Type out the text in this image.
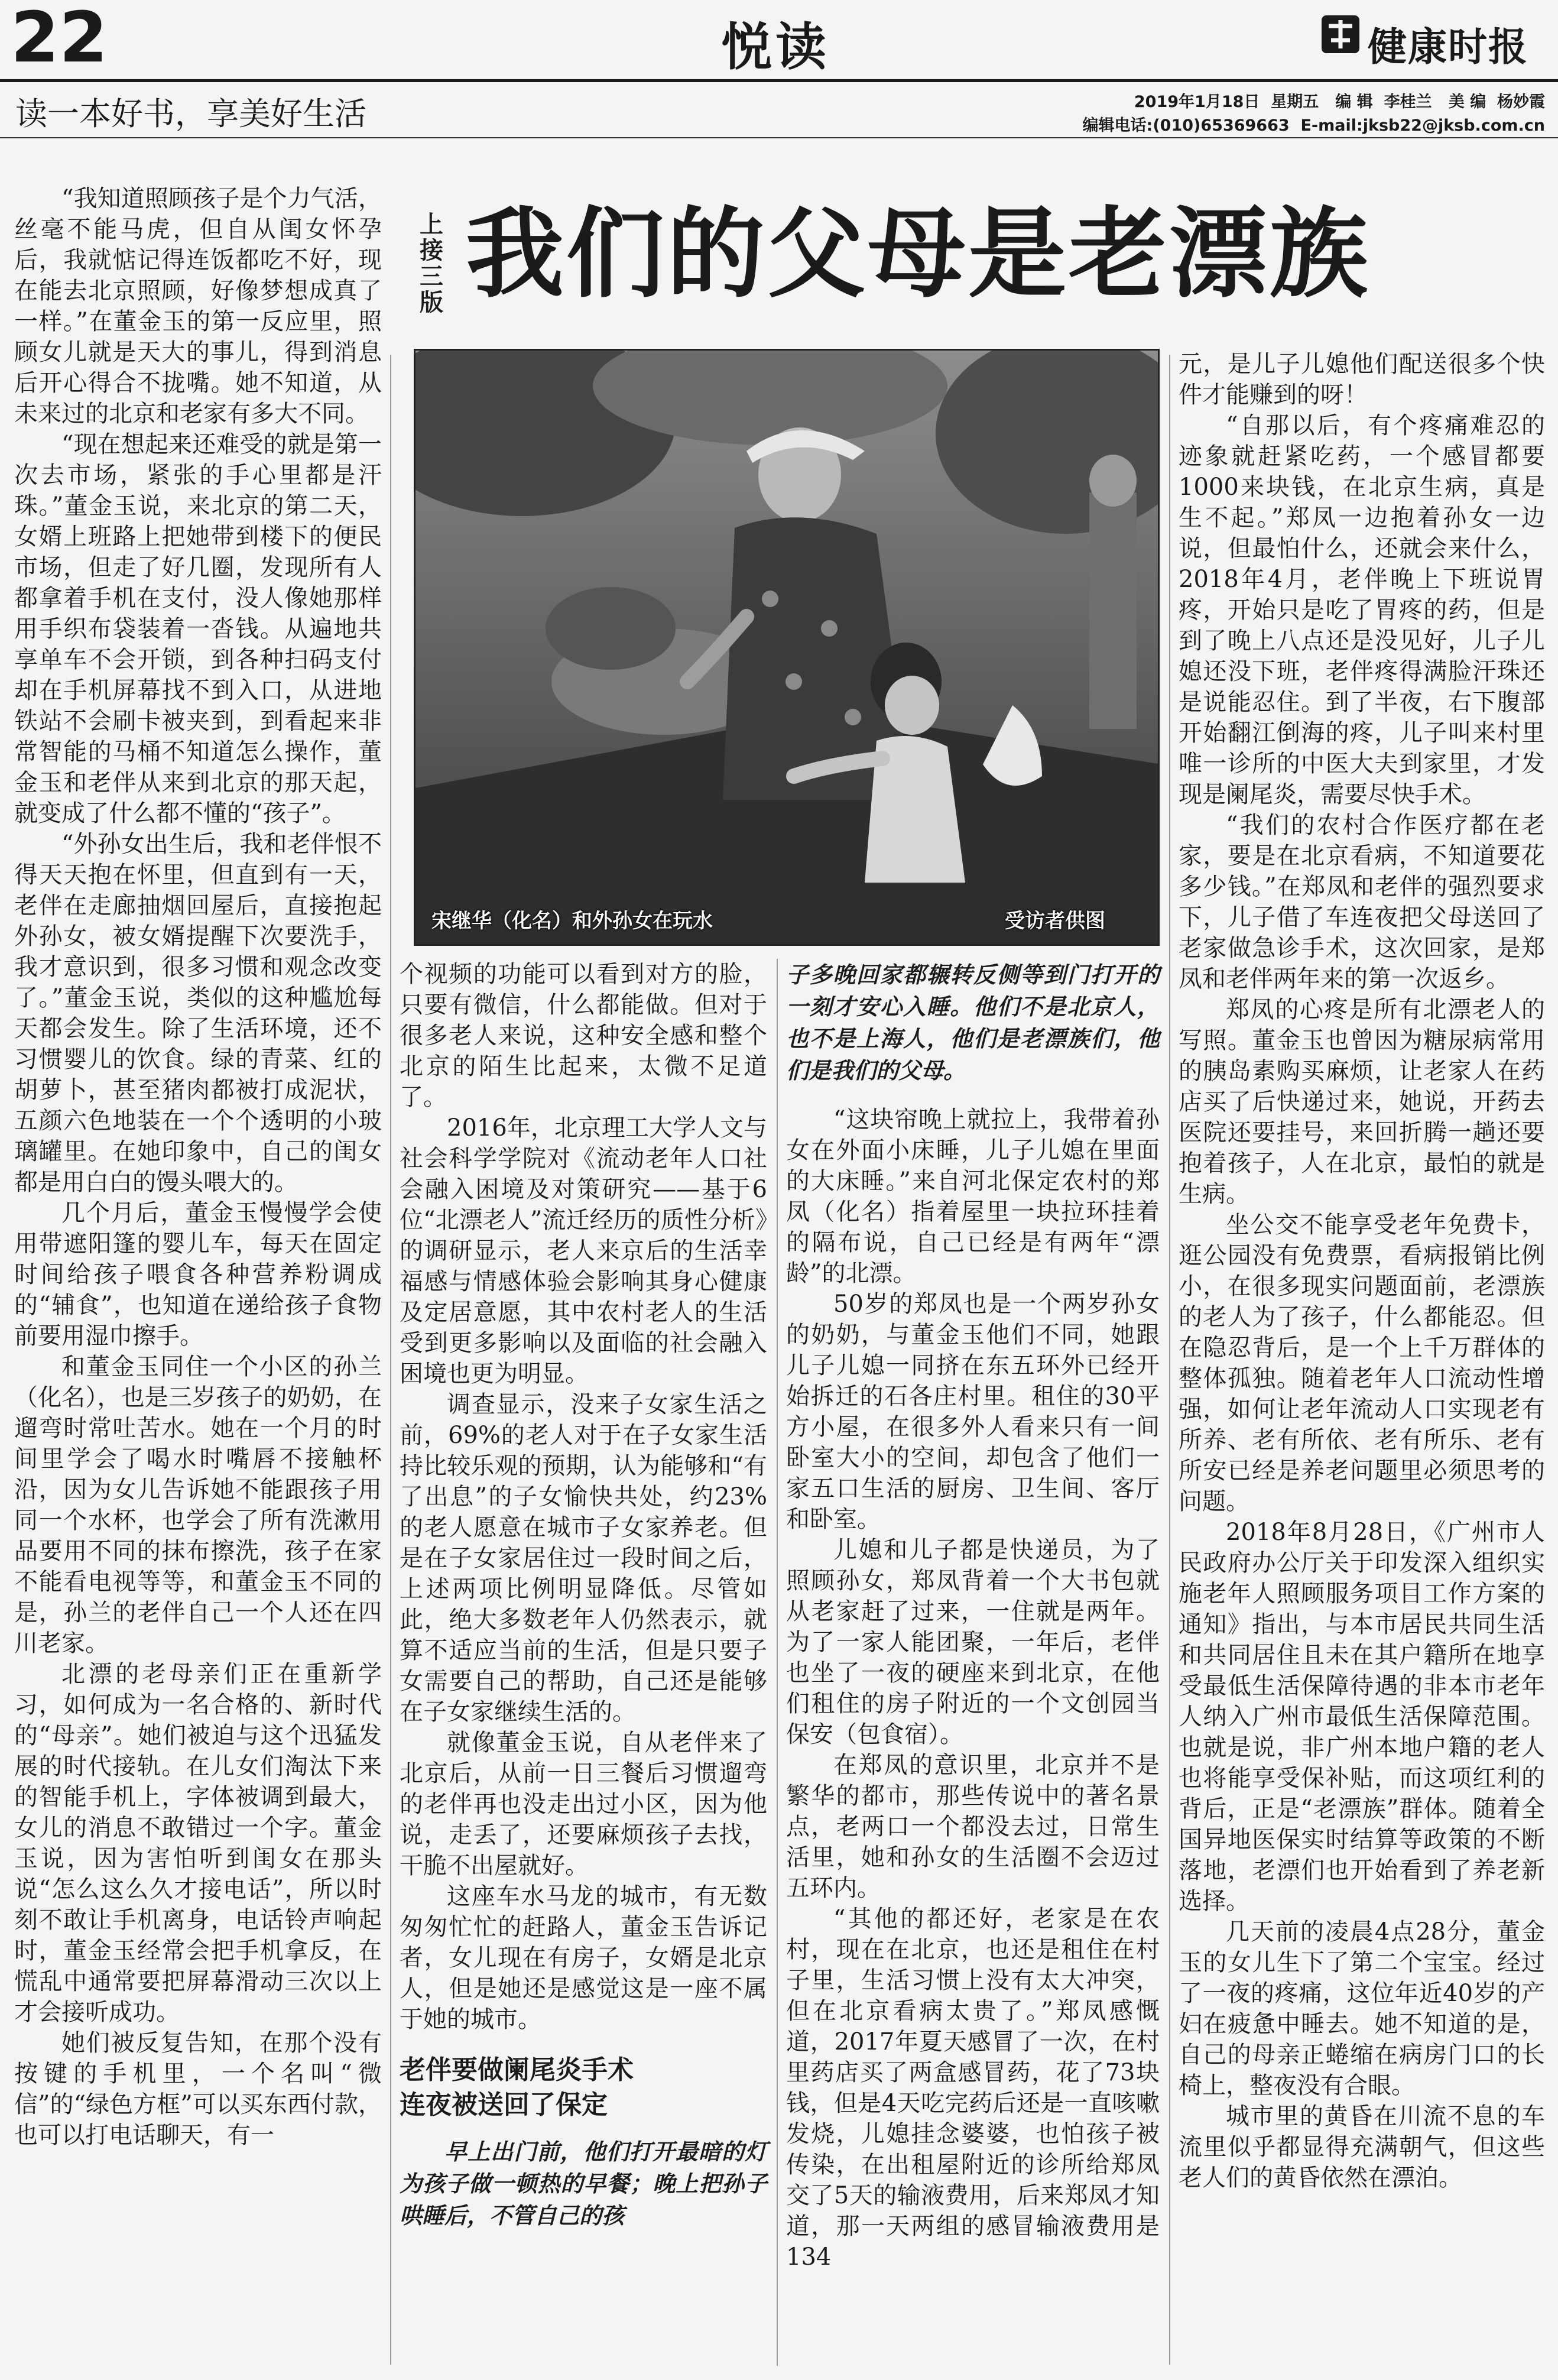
22	悦读	健康时报
读一本好书，享美好生活	2019年1月18日  星期五   编 辑  李桂兰   美 编  杨妙霞
编辑电话:(010)65369663  E-mail:jksb22@jksb.com.cn
上接三版 我们的父母是老漂族

“我知道照顾孩子是个力气活，丝毫不能马虎，但自从闺女怀孕后，我就惦记得连饭都吃不好，现在能去北京照顾，好像梦想成真了一样。”在董金玉的第一反应里，照顾女儿就是天大的事儿，得到消息后开心得合不拢嘴。她不知道，从未来过的北京和老家有多大不同。

“现在想起来还难受的就是第一次去市场，紧张的手心里都是汗珠。”董金玉说，来北京的第二天，女婿上班路上把她带到楼下的便民市场，但走了好几圈，发现所有人都拿着手机在支付，没人像她那样用手织布袋装着一沓钱。从遍地共享单车不会开锁，到各种扫码支付却在手机屏幕找不到入口，从进地铁站不会刷卡被夹到，到看起来非常智能的马桶不知道怎么操作，董金玉和老伴从来到北京的那天起，就变成了什么都不懂的“孩子”。

“外孙女出生后，我和老伴恨不得天天抱在怀里，但直到有一天，老伴在走廊抽烟回屋后，直接抱起外孙女，被女婿提醒下次要洗手，我才意识到，很多习惯和观念改变了。”董金玉说，类似的这种尴尬每天都会发生。除了生活环境，还不习惯婴儿的饮食。绿的青菜、红的胡萝卜，甚至猪肉都被打成泥状，五颜六色地装在一个个透明的小玻璃罐里。在她印象中，自己的闺女都是用白白的馒头喂大的。

几个月后，董金玉慢慢学会使用带遮阳篷的婴儿车，每天在固定时间给孩子喂食各种营养粉调成的“辅食”，也知道在递给孩子食物前要用湿巾擦手。

和董金玉同住一个小区的孙兰（化名），也是三岁孩子的奶奶，在遛弯时常吐苦水。她在一个月的时间里学会了喝水时嘴唇不接触杯沿，因为女儿告诉她不能跟孩子用同一个水杯，也学会了所有洗漱用品要用不同的抹布擦洗，孩子在家不能看电视等等，和董金玉不同的是，孙兰的老伴自己一个人还在四川老家。

北漂的老母亲们正在重新学习，如何成为一名合格的、新时代的“母亲”。她们被迫与这个迅猛发展的时代接轨。在儿女们淘汰下来的智能手机上，字体被调到最大，女儿的消息不敢错过一个字。董金玉说，因为害怕听到闺女在那头说“怎么这么久才接电话”，所以时刻不敢让手机离身，电话铃声响起时，董金玉经常会把手机拿反，在慌乱中通常要把屏幕滑动三次以上才会接听成功。

她们被反复告知，在那个没有按键的手机里，一个名叫“微信”的“绿色方框”可以买东西付款，也可以打电话聊天，有一

宋继华（化名）和外孙女在玩水	受访者供图

个视频的功能可以看到对方的脸，只要有微信，什么都能做。但对于很多老人来说，这种安全感和整个北京的陌生比起来，太微不足道了。

2016年，北京理工大学人文与社会科学学院对《流动老年人口社会融入困境及对策研究——基于6位“北漂老人”流迁经历的质性分析》的调研显示，老人来京后的生活幸福感与情感体验会影响其身心健康及定居意愿，其中农村老人的生活受到更多影响以及面临的社会融入困境也更为明显。

调查显示，没来子女家生活之前，69%的老人对于在子女家生活持比较乐观的预期，认为能够和“有了出息”的子女愉快共处，约23%的老人愿意在城市子女家养老。但是在子女家居住过一段时间之后，上述两项比例明显降低。尽管如此，绝大多数老年人仍然表示，就算不适应当前的生活，但是只要子女需要自己的帮助，自己还是能够在子女家继续生活的。

就像董金玉说，自从老伴来了北京后，从前一日三餐后习惯遛弯的老伴再也没走出过小区，因为他说，走丢了，还要麻烦孩子去找，干脆不出屋就好。

这座车水马龙的城市，有无数匆匆忙忙的赶路人，董金玉告诉记者，女儿现在有房子，女婿是北京人，但是她还是感觉这是一座不属于她的城市。

老伴要做阑尾炎手术
连夜被送回了保定

早上出门前，他们打开最暗的灯为孩子做一顿热的早餐；晚上把孙子哄睡后，不管自己的孩

子多晚回家都辗转反侧等到门打开的一刻才安心入睡。他们不是北京人，也不是上海人，他们是老漂族们，他们是我们的父母。

“这块帘晚上就拉上，我带着孙女在外面小床睡，儿子儿媳在里面的大床睡。”来自河北保定农村的郑凤（化名）指着屋里一块拉环挂着的隔布说，自己已经是有两年“漂龄”的北漂。

50岁的郑凤也是一个两岁孙女的奶奶，与董金玉他们不同，她跟儿子儿媳一同挤在东五环外已经开始拆迁的石各庄村里。租住的30平方小屋，在很多外人看来只有一间卧室大小的空间，却包含了他们一家五口生活的厨房、卫生间、客厅和卧室。

儿媳和儿子都是快递员，为了照顾孙女，郑凤背着一个大书包就从老家赶了过来，一住就是两年。为了一家人能团聚，一年后，老伴也坐了一夜的硬座来到北京，在他们租住的房子附近的一个文创园当保安（包食宿）。

在郑凤的意识里，北京并不是繁华的都市，那些传说中的著名景点，老两口一个都没去过，日常生活里，她和孙女的生活圈不会迈过五环内。

“其他的都还好，老家是在农村，现在在北京，也还是租住在村子里，生活习惯上没有太大冲突，但在北京看病太贵了。”郑凤感慨道，2017年夏天感冒了一次，在村里药店买了两盒感冒药，花了73块钱，但是4天吃完药后还是一直咳嗽发烧，儿媳挂念婆婆，也怕孩子被传染，在出租屋附近的诊所给郑凤交了5天的输液费用，后来郑凤才知道，那一天两组的感冒输液费用是134

元，是儿子儿媳他们配送很多个快件才能赚到的呀！

“自那以后，有个疼痛难忍的迹象就赶紧吃药，一个感冒都要1000来块钱，在北京生病，真是生不起。”郑凤一边抱着孙女一边说，但最怕什么，还就会来什么，2018年4月，老伴晚上下班说胃疼，开始只是吃了胃疼的药，但是到了晚上八点还是没见好，儿子儿媳还没下班，老伴疼得满脸汗珠还是说能忍住。到了半夜，右下腹部开始翻江倒海的疼，儿子叫来村里唯一诊所的中医大夫到家里，才发现是阑尾炎，需要尽快手术。

“我们的农村合作医疗都在老家，要是在北京看病，不知道要花多少钱。”在郑凤和老伴的强烈要求下，儿子借了车连夜把父母送回了老家做急诊手术，这次回家，是郑凤和老伴两年来的第一次返乡。

郑凤的心疼是所有北漂老人的写照。董金玉也曾因为糖尿病常用的胰岛素购买麻烦，让老家人在药店买了后快递过来，她说，开药去医院还要挂号，来回折腾一趟还要抱着孩子，人在北京，最怕的就是生病。

坐公交不能享受老年免费卡，逛公园没有免费票，看病报销比例小，在很多现实问题面前，老漂族的老人为了孩子，什么都能忍。但在隐忍背后，是一个上千万群体的整体孤独。随着老年人口流动性增强，如何让老年流动人口实现老有所养、老有所依、老有所乐、老有所安已经是养老问题里必须思考的问题。

2018年8月28日，《广州市人民政府办公厅关于印发深入组织实施老年人照顾服务项目工作方案的通知》指出，与本市居民共同生活和共同居住且未在其户籍所在地享受最低生活保障待遇的非本市老年人纳入广州市最低生活保障范围。也就是说，非广州本地户籍的老人也将能享受保补贴，而这项红利的背后，正是“老漂族”群体。随着全国异地医保实时结算等政策的不断落地，老漂们也开始看到了养老新选择。

几天前的凌晨4点28分，董金玉的女儿生下了第二个宝宝。经过了一夜的疼痛，这位年近40岁的产妇在疲惫中睡去。她不知道的是，自己的母亲正蜷缩在病房门口的长椅上，整夜没有合眼。

城市里的黄昏在川流不息的车流里似乎都显得充满朝气，但这些老人们的黄昏依然在漂泊。
